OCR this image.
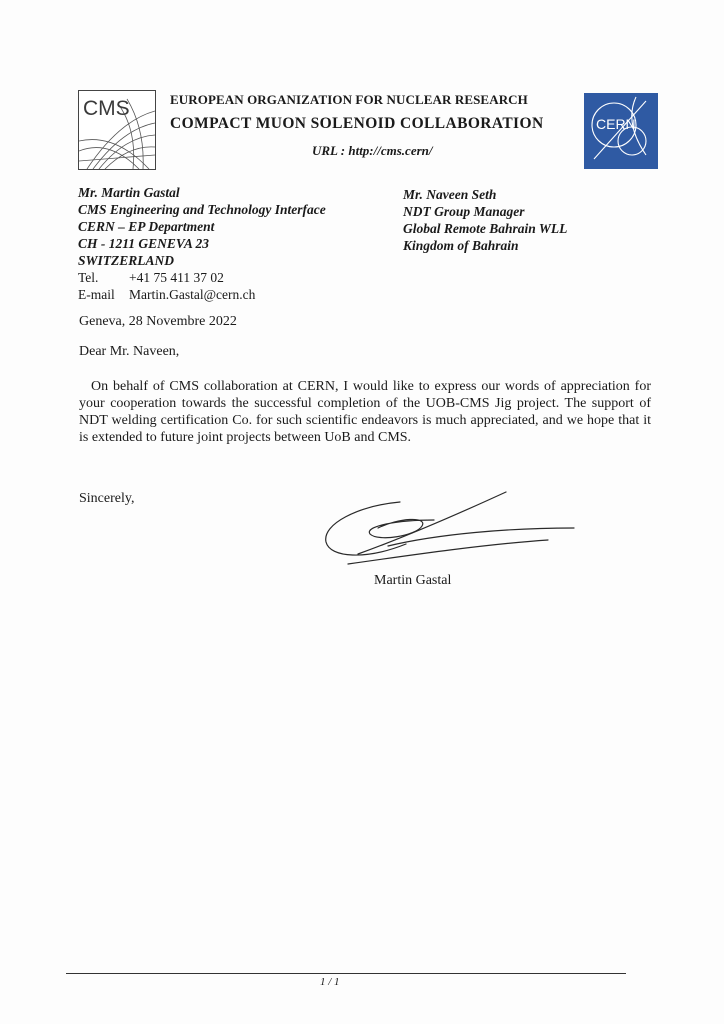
CMS	EUROPEAN ORGANIZATION FOR NUCLEAR RESEARCH
COMPACT MUON SOLENOID COLLABORATION
URL : http://cms.cern/
CERN
Mr. Martin Gastal
CMS Engineering and Technology Interface
CERN – EP Department
CH - 1211 GENEVA 23
SWITZERLAND
Tel. +41 75 411 37 02
E-mail Martin.Gastal@cern.ch
Mr. Naveen Seth
NDT Group Manager
Global Remote Bahrain WLL
Kingdom of Bahrain
Geneva, 28 Novembre 2022
Dear Mr. Naveen,
On behalf of CMS collaboration at CERN, I would like to express our words of appreciation for your cooperation towards the successful completion of the UOB-CMS Jig project. The support of NDT welding certification Co. for such scientific endeavors is much appreciated, and we hope that it is extended to future joint projects between UoB and CMS.
Sincerely,
Martin Gastal
1 / 1
